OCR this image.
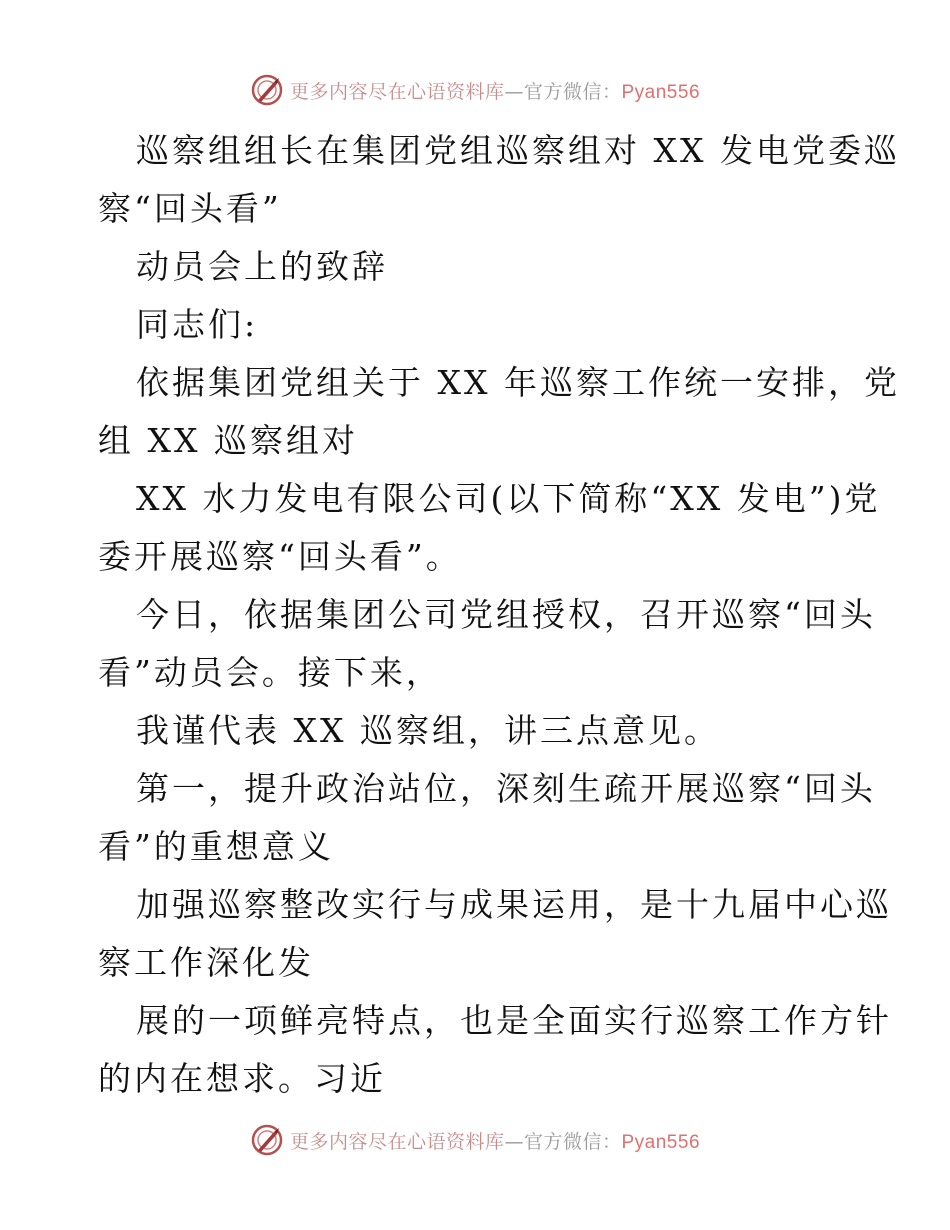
更多内容尽在心语资料库—官方微信：Pyan556

巡察组组长在集团党组巡察组对 XX 发电党委巡

察“回头看”

动员会上的致辞

同志们:

依据集团党组关于 XX 年巡察工作统一安排，党

组 XX 巡察组对

XX 水力发电有限公司(以下简称“XX 发电”)党

委开展巡察“回头看”。

今日，依据集团公司党组授权，召开巡察“回头

看”动员会。接下来，

我谨代表 XX 巡察组，讲三点意见。

第一，提升政治站位，深刻生疏开展巡察“回头

看”的重想意义

加强巡察整改实行与成果运用，是十九届中心巡

察工作深化发

展的一项鲜亮特点，也是全面实行巡察工作方针

的内在想求。习近

更多内容尽在心语资料库—官方微信：Pyan556
